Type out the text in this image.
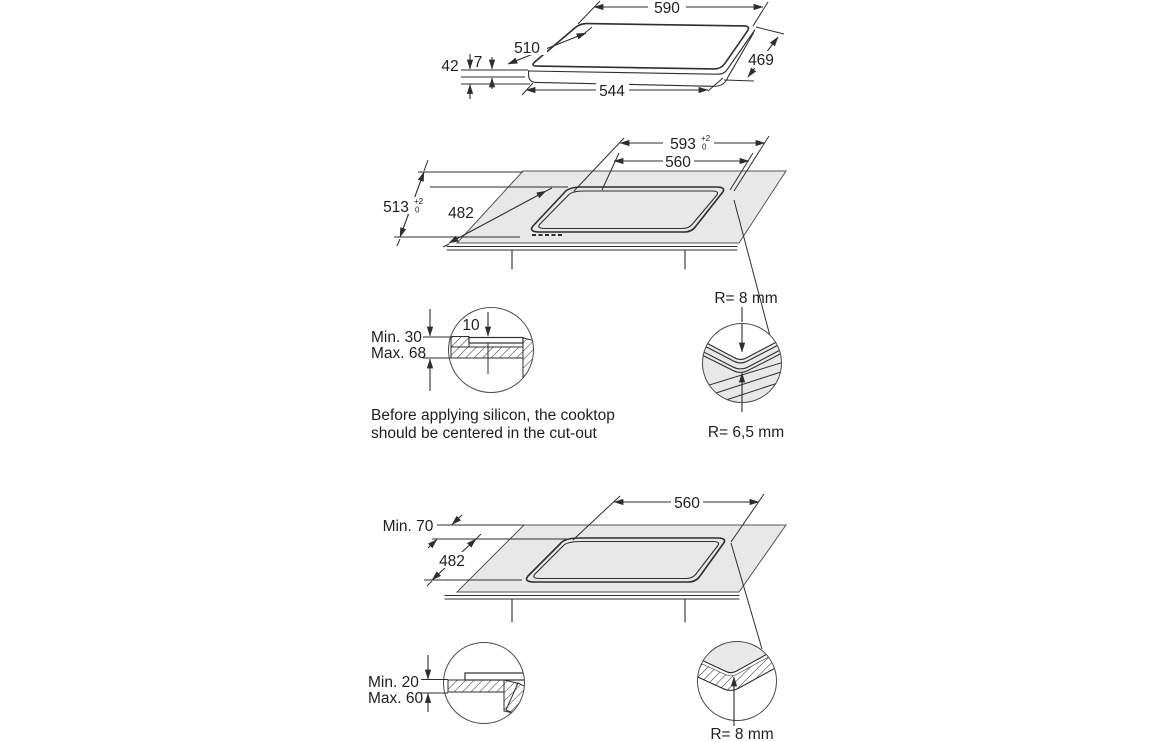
590
510
469
7
42
544
593 +2
0
560
513 +2
0 482
R= 8 mm
R= 6,5 mm
10
Min. 30
Max. 68
Before applying silicon, the cooktop
should be centered in the cut-out
560
Min. 70
482
Min. 20
Max. 60
R= 8 mm
